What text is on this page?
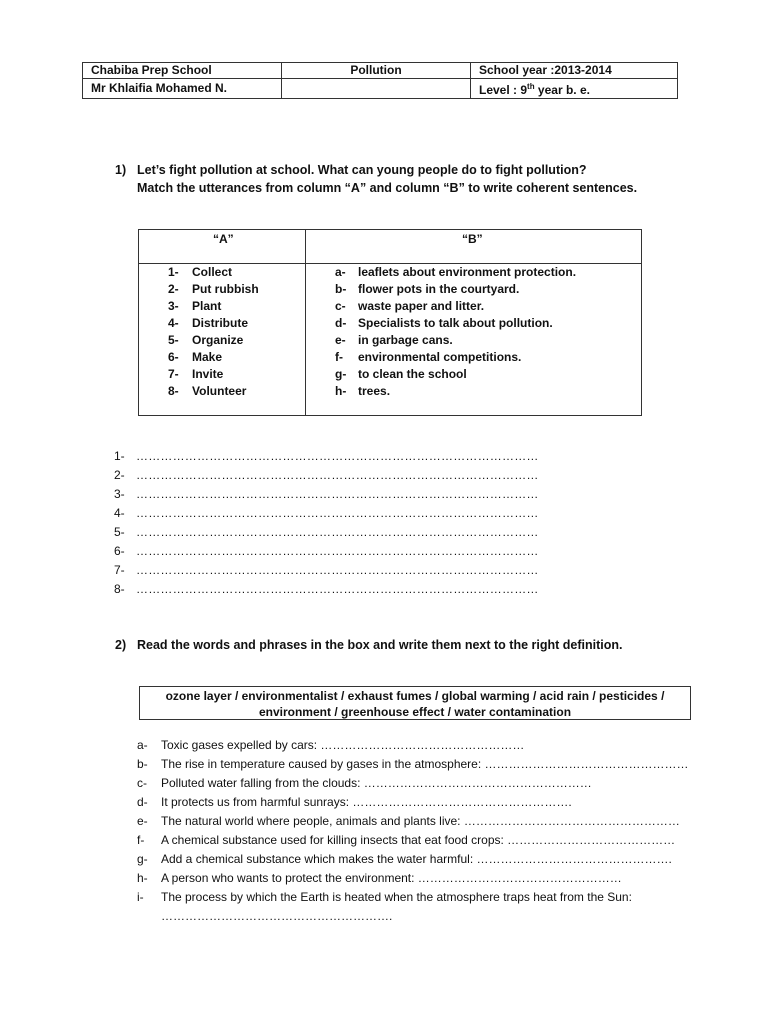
Chabiba Prep School	Pollution	School year :2013-2014
Mr Khlaifia Mohamed N.		Level : 9th year b. e.
1) Let’s fight pollution at school. What can young people do to fight pollution?
Match the utterances from column “A” and column “B” to write coherent sentences.
“A”	“B”
1- Collect	a- leaflets about environment protection.
2- Put rubbish	b- flower pots in the courtyard.
3- Plant	c- waste paper and litter.
4- Distribute	d- Specialists to talk about pollution.
5- Organize	e- in garbage cans.
6- Make	f- environmental competitions.
7- Invite	g- to clean the school
8- Volunteer	h- trees.
1- ………………………………………………………………………………………
2- ………………………………………………………………………………………
3- ………………………………………………………………………………………
4- ………………………………………………………………………………………
5- ………………………………………………………………………………………
6- ………………………………………………………………………………………
7- ………………………………………………………………………………………
8- ………………………………………………………………………………………
2) Read the words and phrases in the box and write them next to the right definition.
ozone layer / environmentalist / exhaust fumes / global warming / acid rain / pesticides /
environment / greenhouse effect / water contamination
a- Toxic gases expelled by cars: ……………………………………………
b- The rise in temperature caused by gases in the atmosphere: ……………………………………………
c- Polluted water falling from the clouds: …………………………………………………
d- It protects us from harmful sunrays: ……………………………………………….
e- The natural world where people, animals and plants live: ………………………………………………
f- A chemical substance used for killing insects that eat food crops: ……………………………………
g- Add a chemical substance which makes the water harmful: ………………………………………….
h- A person who wants to protect the environment: ……………………………………………
i- The process by which the Earth is heated when the atmosphere traps heat from the Sun:
………………………………………………….
